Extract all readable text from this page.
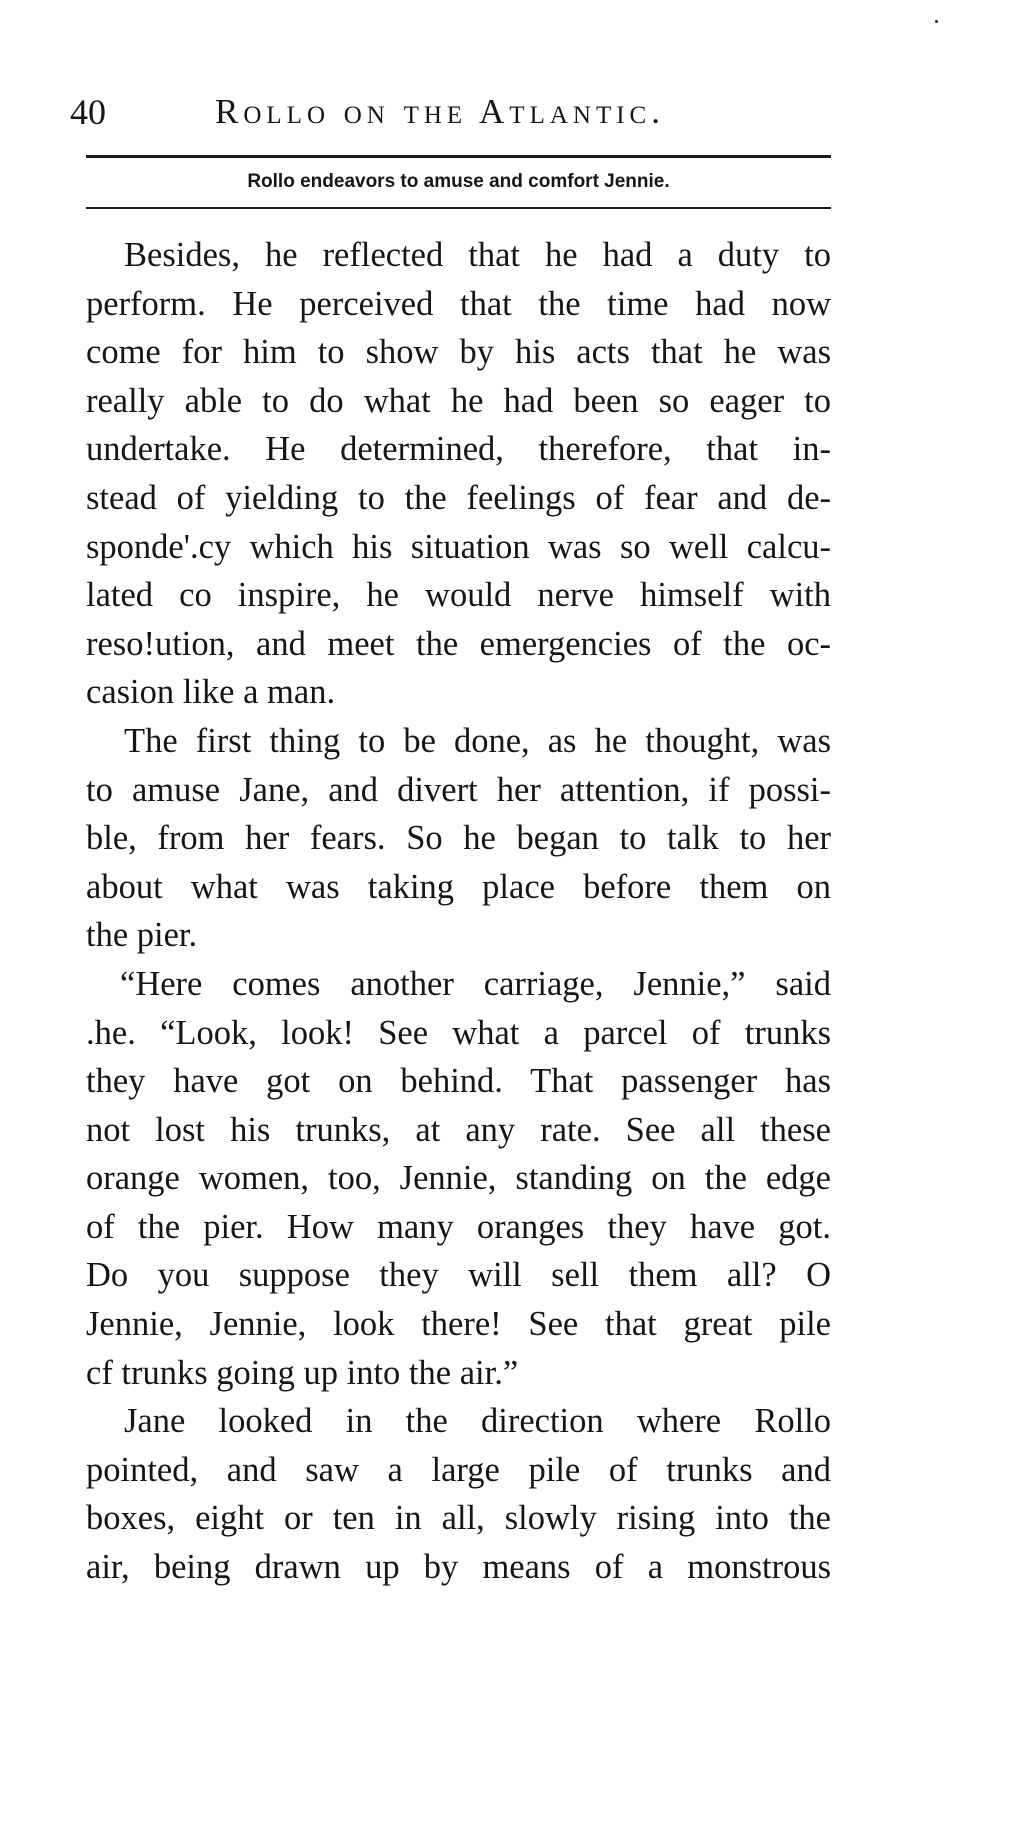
40	Rollo on the Atlantic.
Rollo endeavors to amuse and comfort Jennie.
Besides, he reflected that he had a duty to
perform. He perceived that the time had now
come for him to show by his acts that he was
really able to do what he had been so eager to
undertake. He determined, therefore, that in-
stead of yielding to the feelings of fear and de-
sponde'.cy which his situation was so well calcu-
lated co inspire, he would nerve himself with
reso!ution, and meet the emergencies of the oc-
casion like a man.
The first thing to be done, as he thought, was
to amuse Jane, and divert her attention, if possi-
ble, from her fears. So he began to talk to her
about what was taking place before them on
the pier.
“Here comes another carriage, Jennie,” said
.he. “Look, look! See what a parcel of trunks
they have got on behind. That passenger has
not lost his trunks, at any rate. See all these
orange women, too, Jennie, standing on the edge
of the pier. How many oranges they have got.
Do you suppose they will sell them all? O
Jennie, Jennie, look there! See that great pile
cf trunks going up into the air.”
Jane looked in the direction where Rollo
pointed, and saw a large pile of trunks and
boxes, eight or ten in all, slowly rising into the
air, being drawn up by means of a monstrous
